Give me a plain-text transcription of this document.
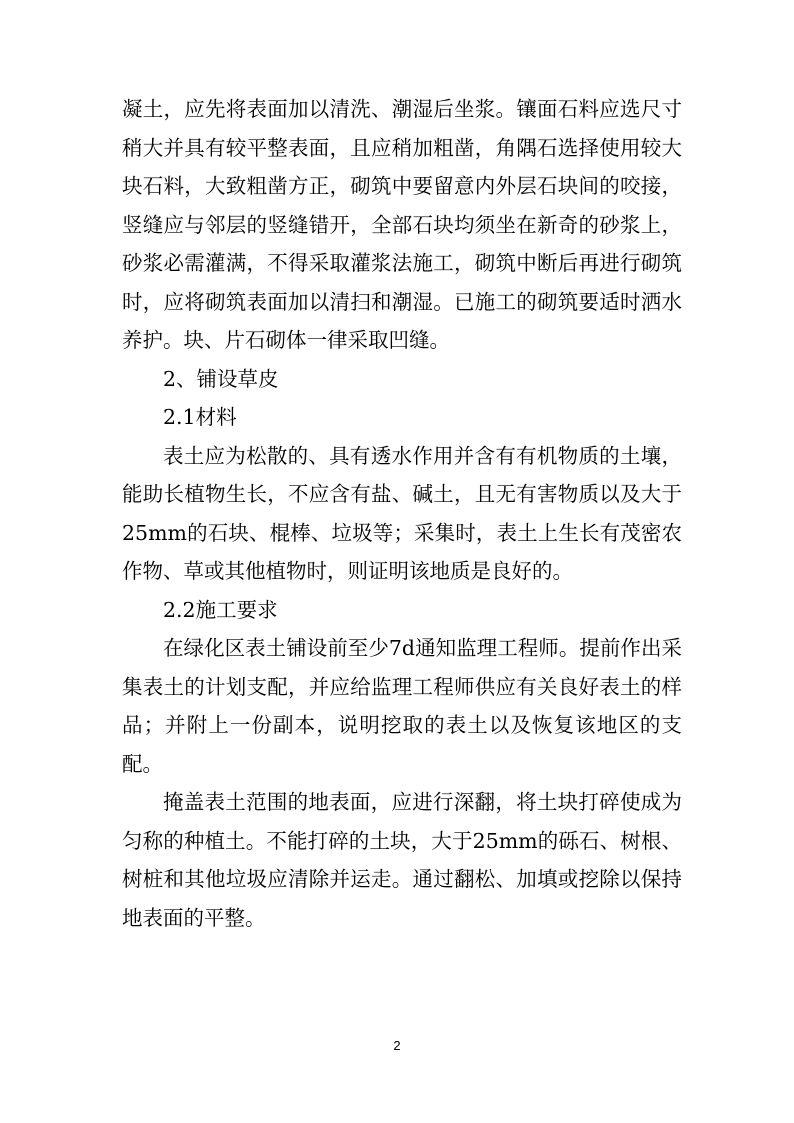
凝土，应先将表面加以清洗、潮湿后坐浆。镶面石料应选尺寸稍大并具有较平整表面，且应稍加粗凿，角隅石选择使用较大块石料，大致粗凿方正，砌筑中要留意内外层石块间的咬接，竖缝应与邻层的竖缝错开，全部石块均须坐在新奇的砂浆上，砂浆必需灌满，不得采取灌浆法施工，砌筑中断后再进行砌筑时，应将砌筑表面加以清扫和潮湿。已施工的砌筑要适时洒水养护。块、片石砌体一律采取凹缝。

2、铺设草皮

2.1材料

表土应为松散的、具有透水作用并含有有机物质的土壤，能助长植物生长，不应含有盐、碱土，且无有害物质以及大于25mm的石块、棍棒、垃圾等；采集时，表土上生长有茂密农作物、草或其他植物时，则证明该地质是良好的。

2.2施工要求

在绿化区表土铺设前至少7d通知监理工程师。提前作出采集表土的计划支配，并应给监理工程师供应有关良好表土的样品；并附上一份副本，说明挖取的表土以及恢复该地区的支配。

掩盖表土范围的地表面，应进行深翻，将土块打碎使成为匀称的种植土。不能打碎的土块，大于25mm的砾石、树根、树桩和其他垃圾应清除并运走。通过翻松、加填或挖除以保持地表面的平整。

2
